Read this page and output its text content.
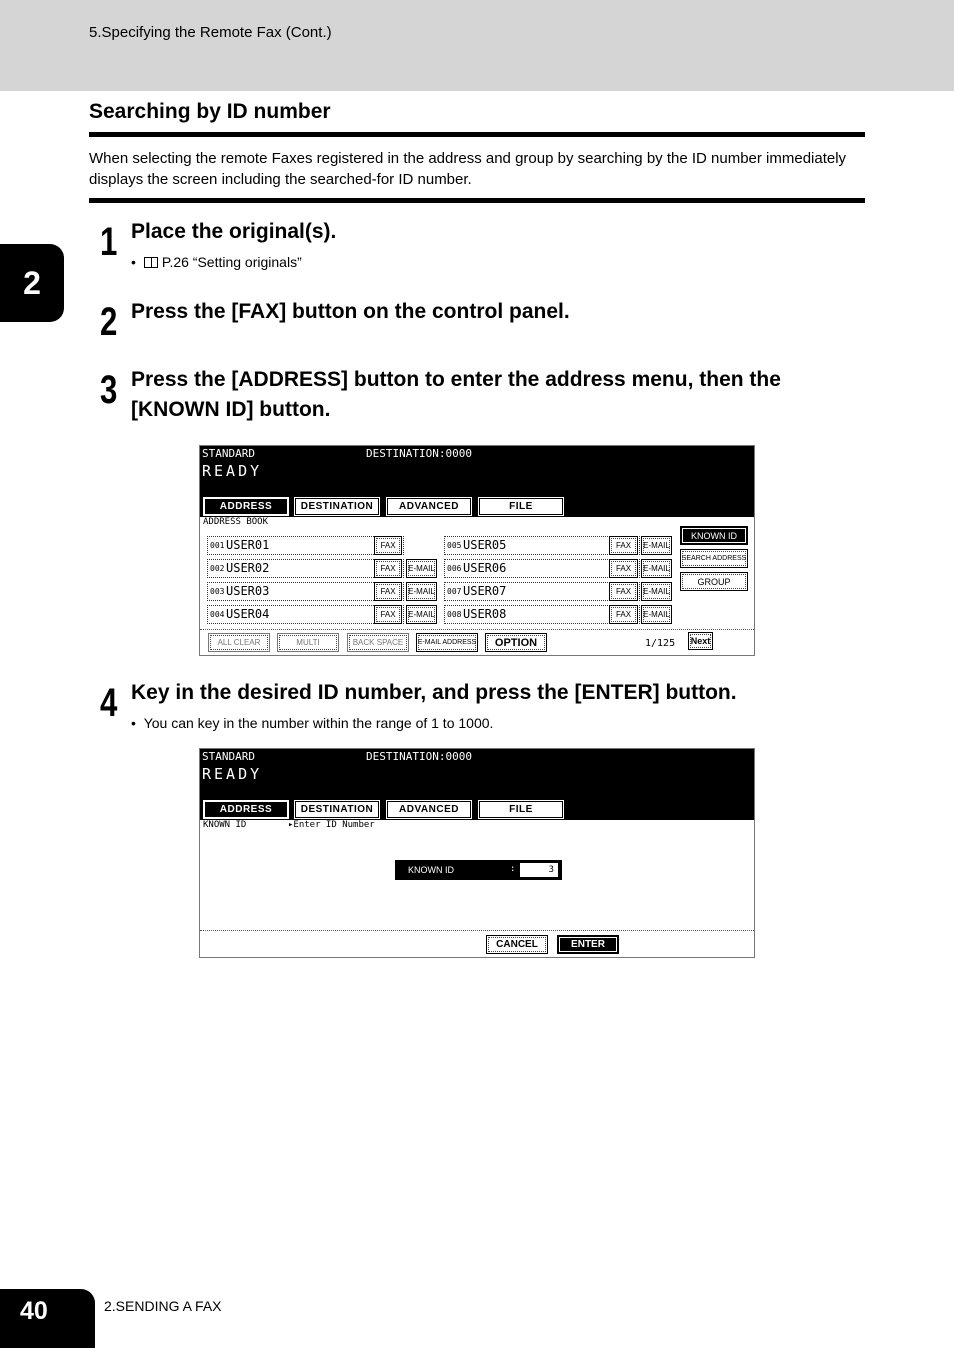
5.Specifying the Remote Fax (Cont.)
Searching by ID number
When selecting the remote Faxes registered in the address and group by searching by the ID number immediately displays the screen including the searched-for ID number.
2
1 Place the original(s).
• P.26 “Setting originals”
2 Press the [FAX] button on the control panel.
3 Press the [ADDRESS] button to enter the address menu, then the [KNOWN ID] button.
STANDARD	DESTINATION:0000
READY
ADDRESS	DESTINATION	ADVANCED	FILE
ADDRESS BOOK
001 USER01	FAX
002 USER02	FAX	E-MAIL
003 USER03	FAX	E-MAIL
004 USER04	FAX	E-MAIL
005 USER05	FAX	E-MAIL
006 USER06	FAX	E-MAIL
007 USER07	FAX	E-MAIL
008 USER08	FAX	E-MAIL
KNOWN ID
SEARCH ADDRESS
GROUP
ALL CLEAR	MULTI	BACK SPACE	E-MAIL ADDRESS	OPTION	1/125	Next
4 Key in the desired ID number, and press the [ENTER] button.
•  You can key in the number within the range of 1 to 1000.
STANDARD	DESTINATION:0000
READY
ADDRESS	DESTINATION	ADVANCED	FILE
KNOWN ID	▸Enter ID Number
KNOWN ID	:	3
CANCEL	ENTER
40	2.SENDING A FAX
